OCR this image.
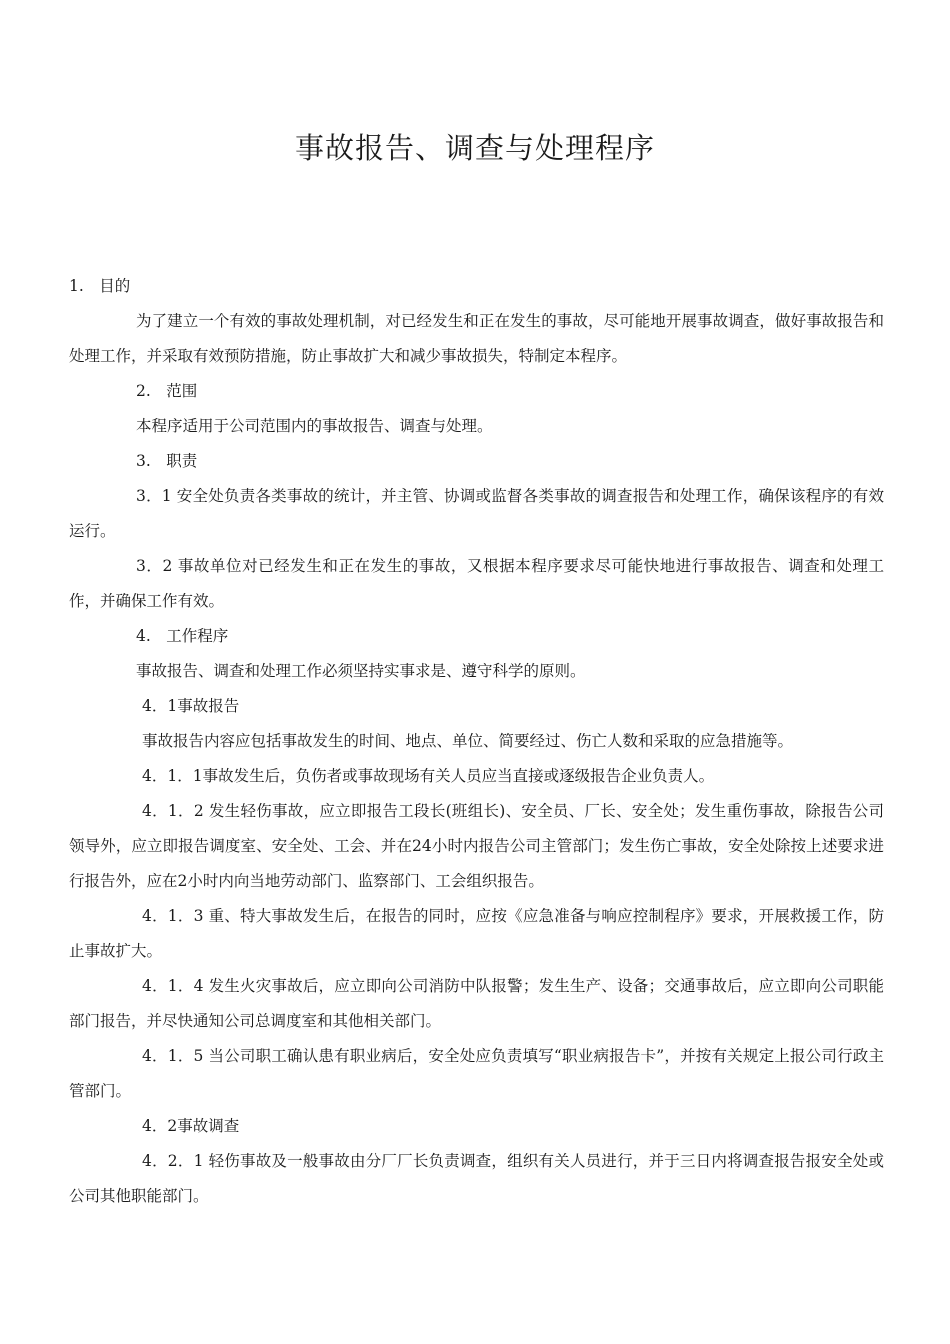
事故报告、调查与处理程序

1.　目的

为了建立一个有效的事故处理机制，对已经发生和正在发生的事故，尽可能地开展事故调查，做好事故报告和处理工作，并采取有效预防措施，防止事故扩大和减少事故损失，特制定本程序。

2.　范围

本程序适用于公司范围内的事故报告、调查与处理。

3.　职责

3．1 安全处负责各类事故的统计，并主管、协调或监督各类事故的调查报告和处理工作，确保该程序的有效运行。

3．2 事故单位对已经发生和正在发生的事故，又根据本程序要求尽可能快地进行事故报告、调查和处理工作，并确保工作有效。

4.　工作程序

事故报告、调查和处理工作必须坚持实事求是、遵守科学的原则。

4．1事故报告

事故报告内容应包括事故发生的时间、地点、单位、简要经过、伤亡人数和采取的应急措施等。

4．1．1事故发生后，负伤者或事故现场有关人员应当直接或逐级报告企业负责人。

4．1．2 发生轻伤事故，应立即报告工段长(班组长)、安全员、厂长、安全处；发生重伤事故，除报告公司领导外，应立即报告调度室、安全处、工会、并在24小时内报告公司主管部门；发生伤亡事故，安全处除按上述要求进行报告外，应在2小时内向当地劳动部门、监察部门、工会组织报告。

4．1．3 重、特大事故发生后，在报告的同时，应按《应急准备与响应控制程序》要求，开展救援工作，防止事故扩大。

4．1．4 发生火灾事故后，应立即向公司消防中队报警；发生生产、设备；交通事故后，应立即向公司职能部门报告，并尽快通知公司总调度室和其他相关部门。

4．1．5 当公司职工确认患有职业病后，安全处应负责填写“职业病报告卡”，并按有关规定上报公司行政主管部门。

4．2事故调查

4．2．1 轻伤事故及一般事故由分厂厂长负责调查，组织有关人员进行，并于三日内将调查报告报安全处或公司其他职能部门。
